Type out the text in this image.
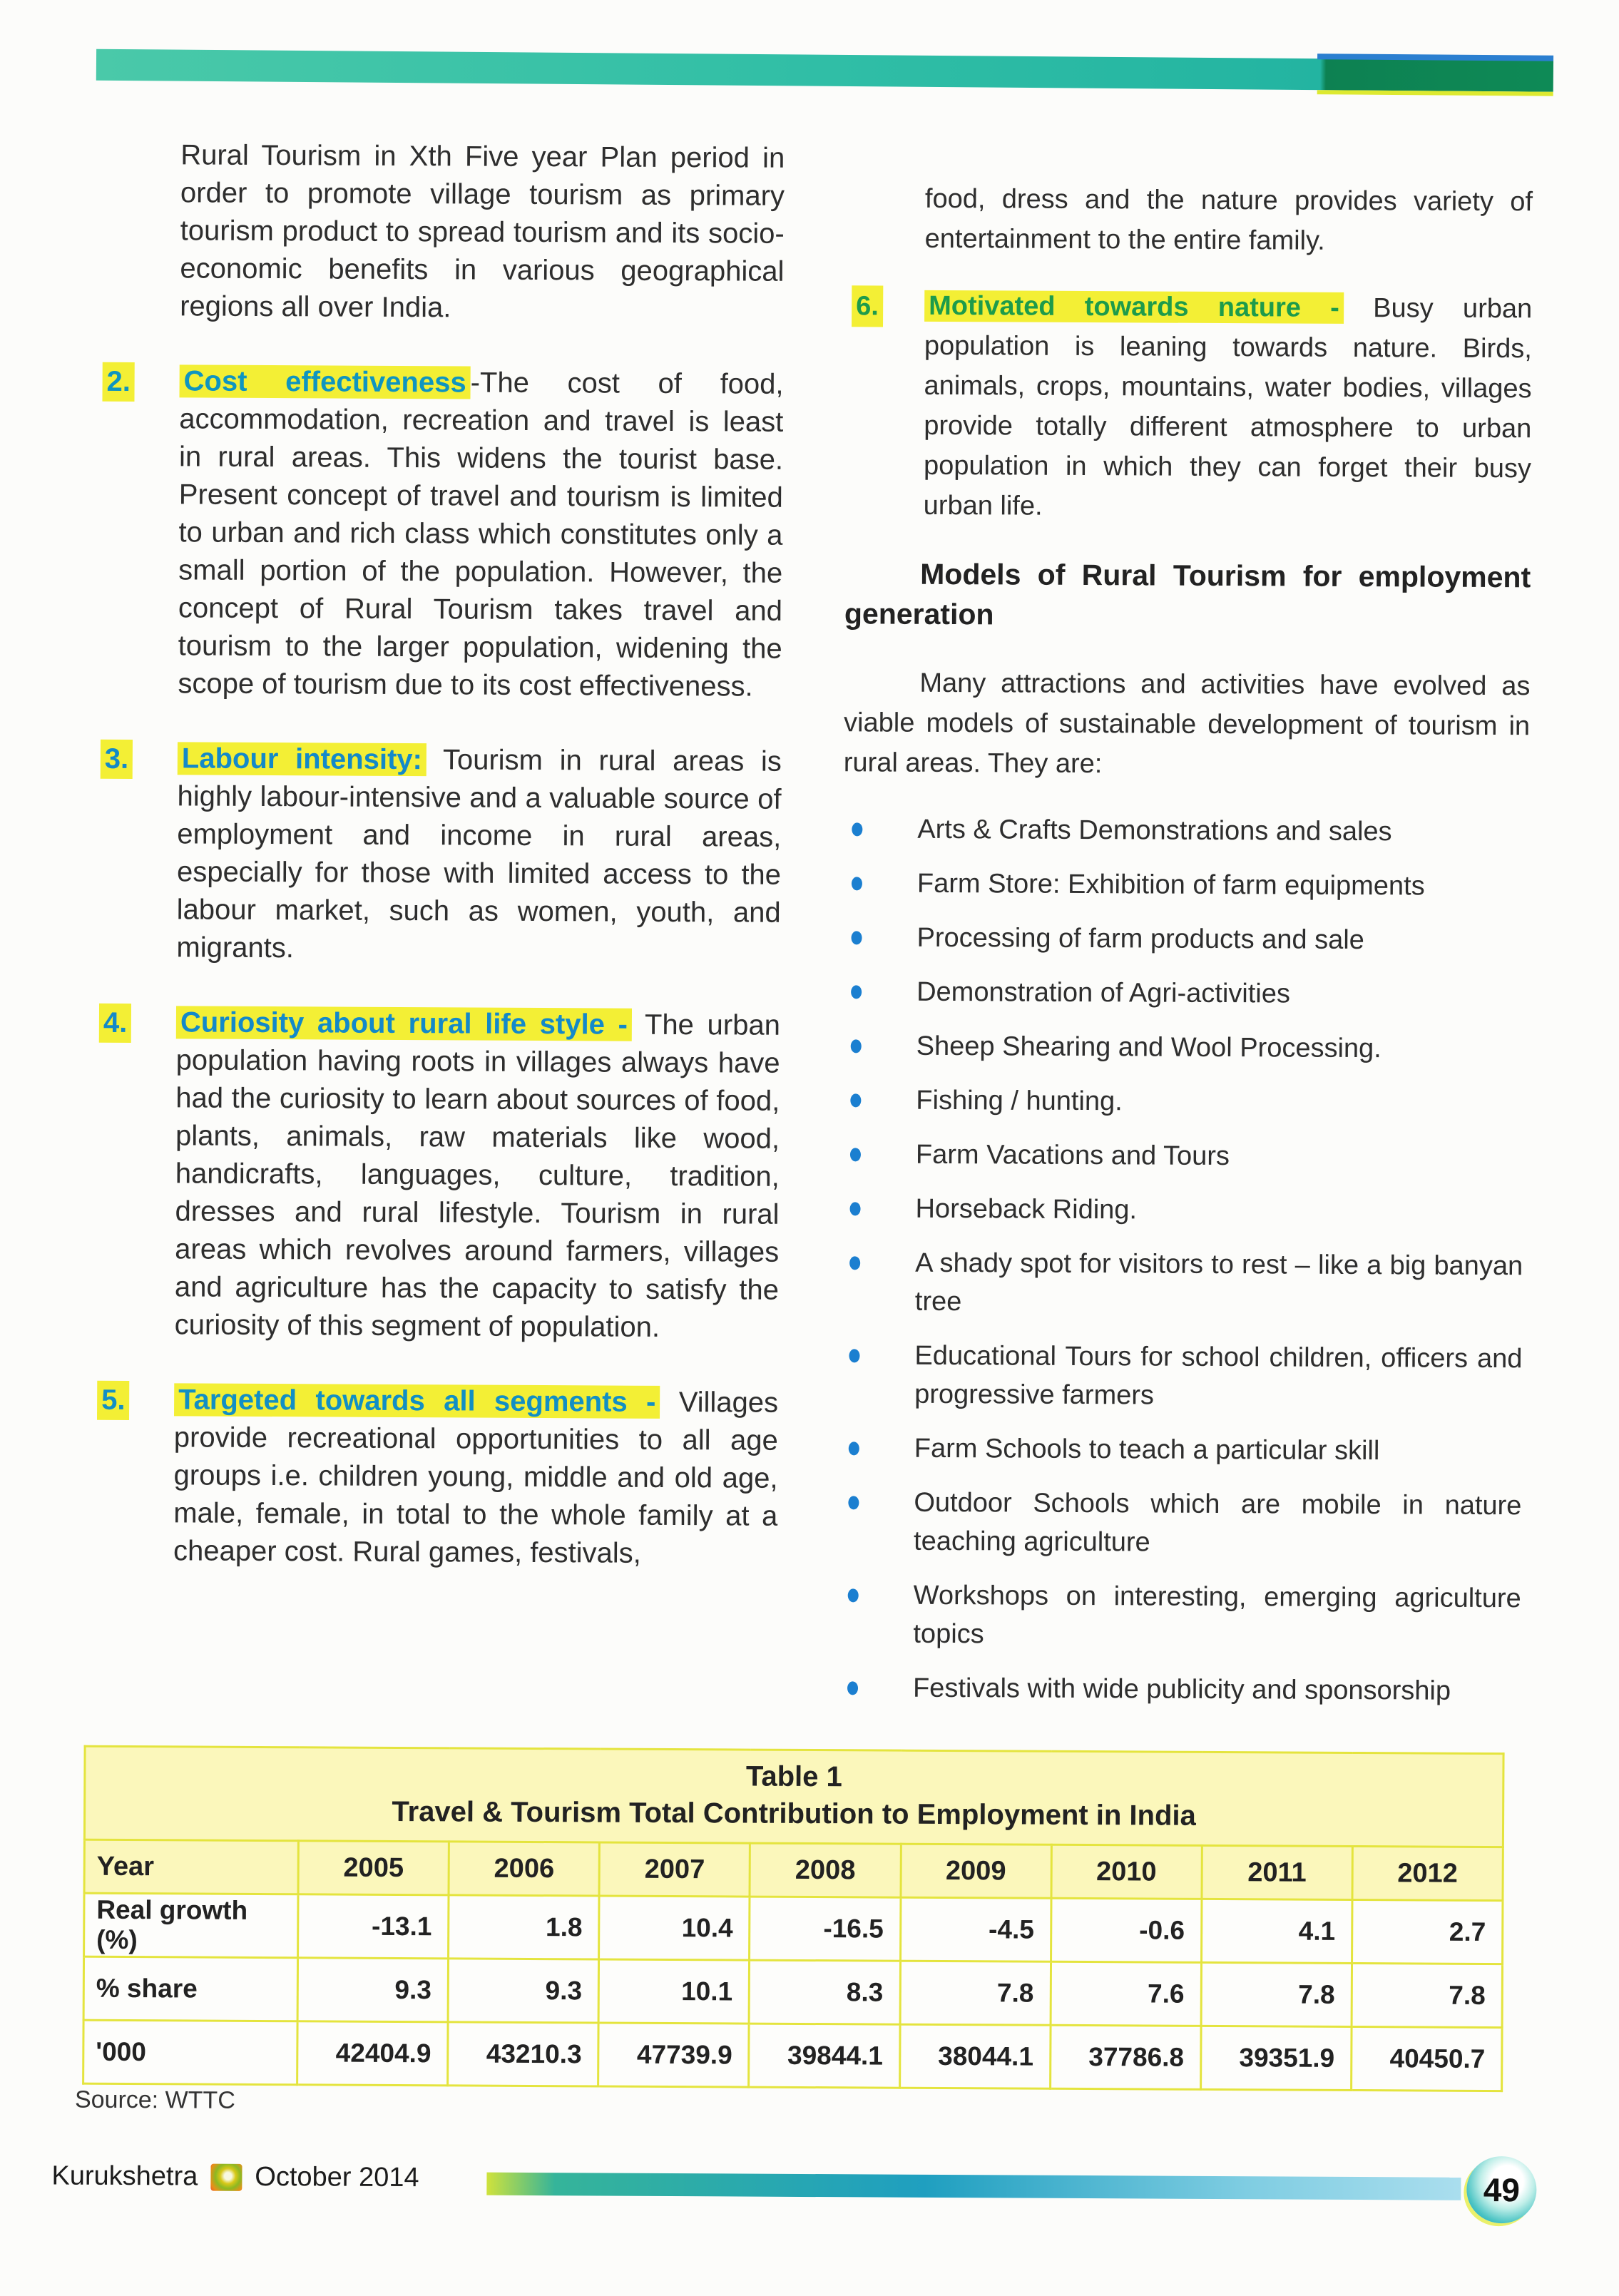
Rural Tourism in Xth Five year Plan period in order to promote village tourism as primary tourism product to spread tourism and its socio- economic benefits in various geographical regions all over India.

2. Cost effectiveness -The cost of food, accommodation, recreation and travel is least in rural areas. This widens the tourist base. Present concept of travel and tourism is limited to urban and rich class which constitutes only a small portion of the population. However, the concept of Rural Tourism takes travel and tourism to the larger population, widening the scope of tourism due to its cost effectiveness.
3. Labour intensity: Tourism in rural areas is highly labour-intensive and a valuable source of employment and income in rural areas, especially for those with limited access to the labour market, such as women, youth, and migrants.
4. Curiosity about rural life style - The urban population having roots in villages always have had the curiosity to learn about sources of food, plants, animals, raw materials like wood, handicrafts, languages, culture, tradition, dresses and rural lifestyle. Tourism in rural areas which revolves around farmers, villages and agriculture has the capacity to satisfy the curiosity of this segment of population.
5. Targeted towards all segments - Villages provide recreational opportunities to all age groups i.e. children young, middle and old age, male, female, in total to the whole family at a cheaper cost. Rural games, festivals,

food, dress and the nature provides variety of entertainment to the entire family.

6. Motivated towards nature - Busy urban population is leaning towards nature. Birds, animals, crops, mountains, water bodies, villages provide totally different atmosphere to urban population in which they can forget their busy urban life.
Models of Rural Tourism for employment generation

Many attractions and activities have evolved as viable models of sustainable development of tourism in rural areas. They are:

Arts & Crafts Demonstrations and sales
Farm Store: Exhibition of farm equipments
Processing of farm products and sale
Demonstration of Agri-activities
Sheep Shearing and Wool Processing.
Fishing / hunting.
Farm Vacations and Tours
Horseback Riding.
A shady spot for visitors to rest – like a big banyan tree
Educational Tours for school children, officers and progressive farmers
Farm Schools to teach a particular skill
Outdoor Schools which are mobile in nature teaching agriculture
Workshops on interesting, emerging agriculture topics
Festivals with wide publicity and sponsorship
Table 1
Travel & Tourism Total Contribution to Employment in India								

Year	2005	2006	2007	2008	2009	2010	2011	2012
Real growth (%)	-13.1	1.8	10.4	-16.5	-4.5	-0.6	4.1	2.7
% share	9.3	9.3	10.1	8.3	7.8	7.6	7.8	7.8
'000	42404.9	43210.3	47739.9	39844.1	38044.1	37786.8	39351.9	40450.7
Source: WTTC
Kurukshetra October 2014	49
